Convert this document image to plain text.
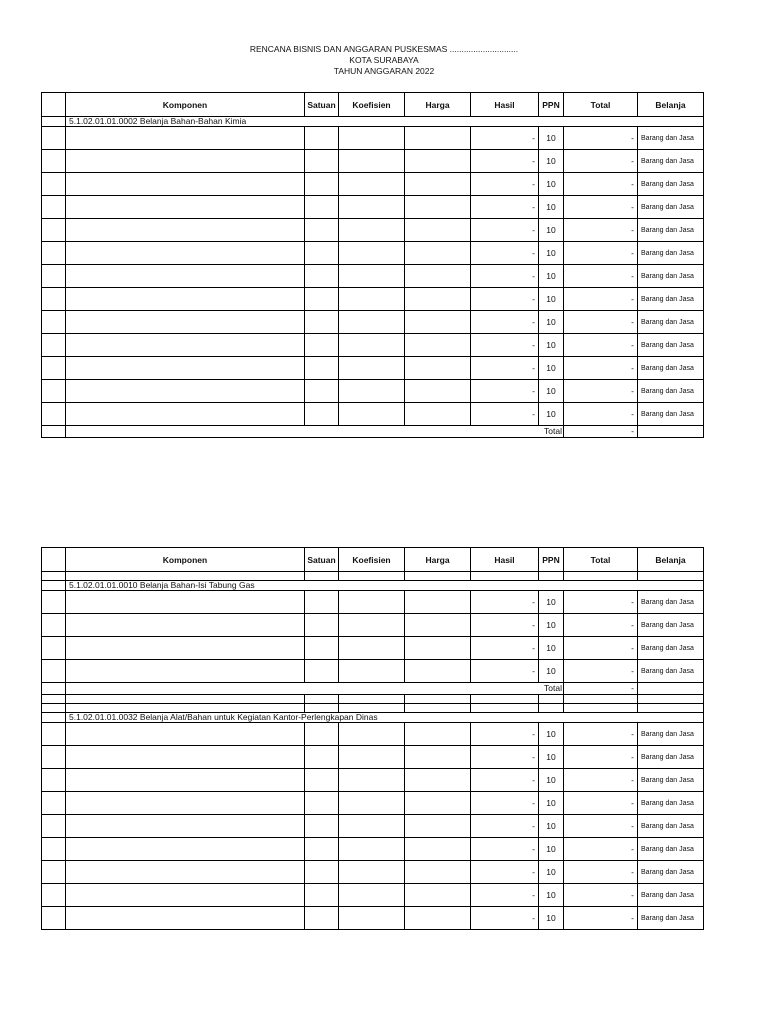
RENCANA BISNIS DAN ANGGARAN PUSKESMAS .............................
KOTA SURABAYA
TAHUN ANGGARAN 2022
	Komponen	Satuan	Koefisien	Harga	Hasil	PPN	Total	Belanja
	5.1.02.01.01.0002 Belanja Bahan-Bahan Kimia							
					-	10	-	Barang dan Jasa
					-	10	-	Barang dan Jasa
					-	10	-	Barang dan Jasa
					-	10	-	Barang dan Jasa
					-	10	-	Barang dan Jasa
					-	10	-	Barang dan Jasa
					-	10	-	Barang dan Jasa
					-	10	-	Barang dan Jasa
					-	10	-	Barang dan Jasa
					-	10	-	Barang dan Jasa
					-	10	-	Barang dan Jasa
					-	10	-	Barang dan Jasa
					-	10	-	Barang dan Jasa
	Total						-	
	Komponen	Satuan	Koefisien	Harga	Hasil	PPN	Total	Belanja

	5.1.02.01.01.0010 Belanja Bahan-Isi Tabung Gas							
					-	10	-	Barang dan Jasa
					-	10	-	Barang dan Jasa
					-	10	-	Barang dan Jasa
					-	10	-	Barang dan Jasa
	Total						-	

	5.1.02.01.01.0032 Belanja Alat/Bahan untuk Kegiatan Kantor-Perlengkapan Dinas							
					-	10	-	Barang dan Jasa
					-	10	-	Barang dan Jasa
					-	10	-	Barang dan Jasa
					-	10	-	Barang dan Jasa
					-	10	-	Barang dan Jasa
					-	10	-	Barang dan Jasa
					-	10	-	Barang dan Jasa
					-	10	-	Barang dan Jasa
					-	10	-	Barang dan Jasa
